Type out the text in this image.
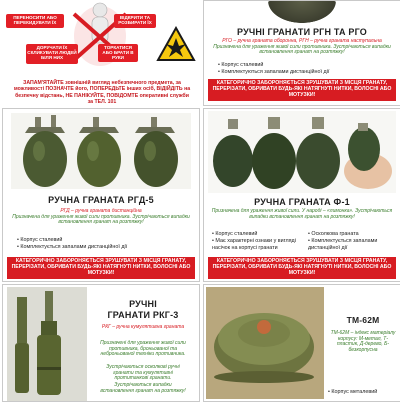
ПЕРЕНОСИТИ АБО ПЕРЕКИДУВАТИ ЇХ
ВІДКРИТИ ТА РОЗБИРАТИ ЇХ
ДОРУЧАТИ ЇХ СКЛИКУВАТИ ЛЮДЕЙ БІЛЯ НИХ
ТОРКАТИСЯ АБО БРАТИ В РУКИ
ЗАПАМ'ЯТАЙТЕ зовнішній вигляд небезпечного предмета, за можливості ПОЗНАЧТЕ його, ПОПЕРЕДЬТЕ інших осіб, ВІДІЙДІТЬ на безпечну відстань, НЕ ПАНІКУЙТЕ, ПОВІДОМТЕ оперативні служби за ТЕЛ. 101
РУЧНІ ГРАНАТИ РГН ТА РГО
РГО – ручна граната оборонна, РГН – ручна граната наступальна
Призначена для ураження живої сили противника. Зустрічаються випадки встановлення гранат на розтяжку!
• Корпус сталевий
• Комплектуються запалами дистанційної дії
КАТЕГОРИЧНО ЗАБОРОНЯЄТЬСЯ ЗРУШУВАТИ З МІСЦЯ ГРАНАТУ, ПЕРЕРІЗАТИ, ОБРИВАТИ БУДЬ-ЯКІ НАТЯГНУТІ НИТКИ, ВОЛОСНІ АБО МОТУЗКИ!
РУЧНА ГРАНАТА РГД-5
РГД – ручна граната дистанційна
Призначена для ураження живої сили противника. Зустрічаються випадки встановлення гранат на розтяжку!
• Корпус сталевий
• Комплектується запалами дистанційної дії
КАТЕГОРИЧНО ЗАБОРОНЯЄТЬСЯ ЗРУШУВАТИ З МІСЦЯ ГРАНАТУ, ПЕРЕРІЗАТИ, ОБРИВАТИ БУДЬ-ЯКІ НАТЯГНУТІ НИТКИ, ВОЛОСНІ АБО МОТУЗКИ!
РУЧНА ГРАНАТА Ф-1
Призначена для ураження живої сили. У народі – «лимонка». Зустрічаються випадки встановлення гранат на розтяжку!
• Корпус сталевий
• Має характерні ознаки у вигляді насічок на корпусі гранати
• Осколкова граната
• Комплектується запалами дистанційної дії
КАТЕГОРИЧНО ЗАБОРОНЯЄТЬСЯ ЗРУШУВАТИ З МІСЦЯ ГРАНАТУ, ПЕРЕРІЗАТИ, ОБРИВАТИ БУДЬ-ЯКІ НАТЯГНУТІ НИТКИ, ВОЛОСНІ АБО МОТУЗКИ!
РУЧНІ
ГРАНАТИ РКГ-3
РКГ – ручна кумулятивна граната
Призначені для ураження живої сили противника, броньованої та неброньованої техніки противника.
Зустрічаються осколкові ручні гранати та кумулятивні протитанкові гранати.
Зустрічаються випадки встановлення гранат на розтяжку!
ТМ-62М
ТМ-62М – індекс матеріалу корпусу: М-метал, Т-пластик, Д-дерево, Б-безкорпусна
• Корпус металевий
